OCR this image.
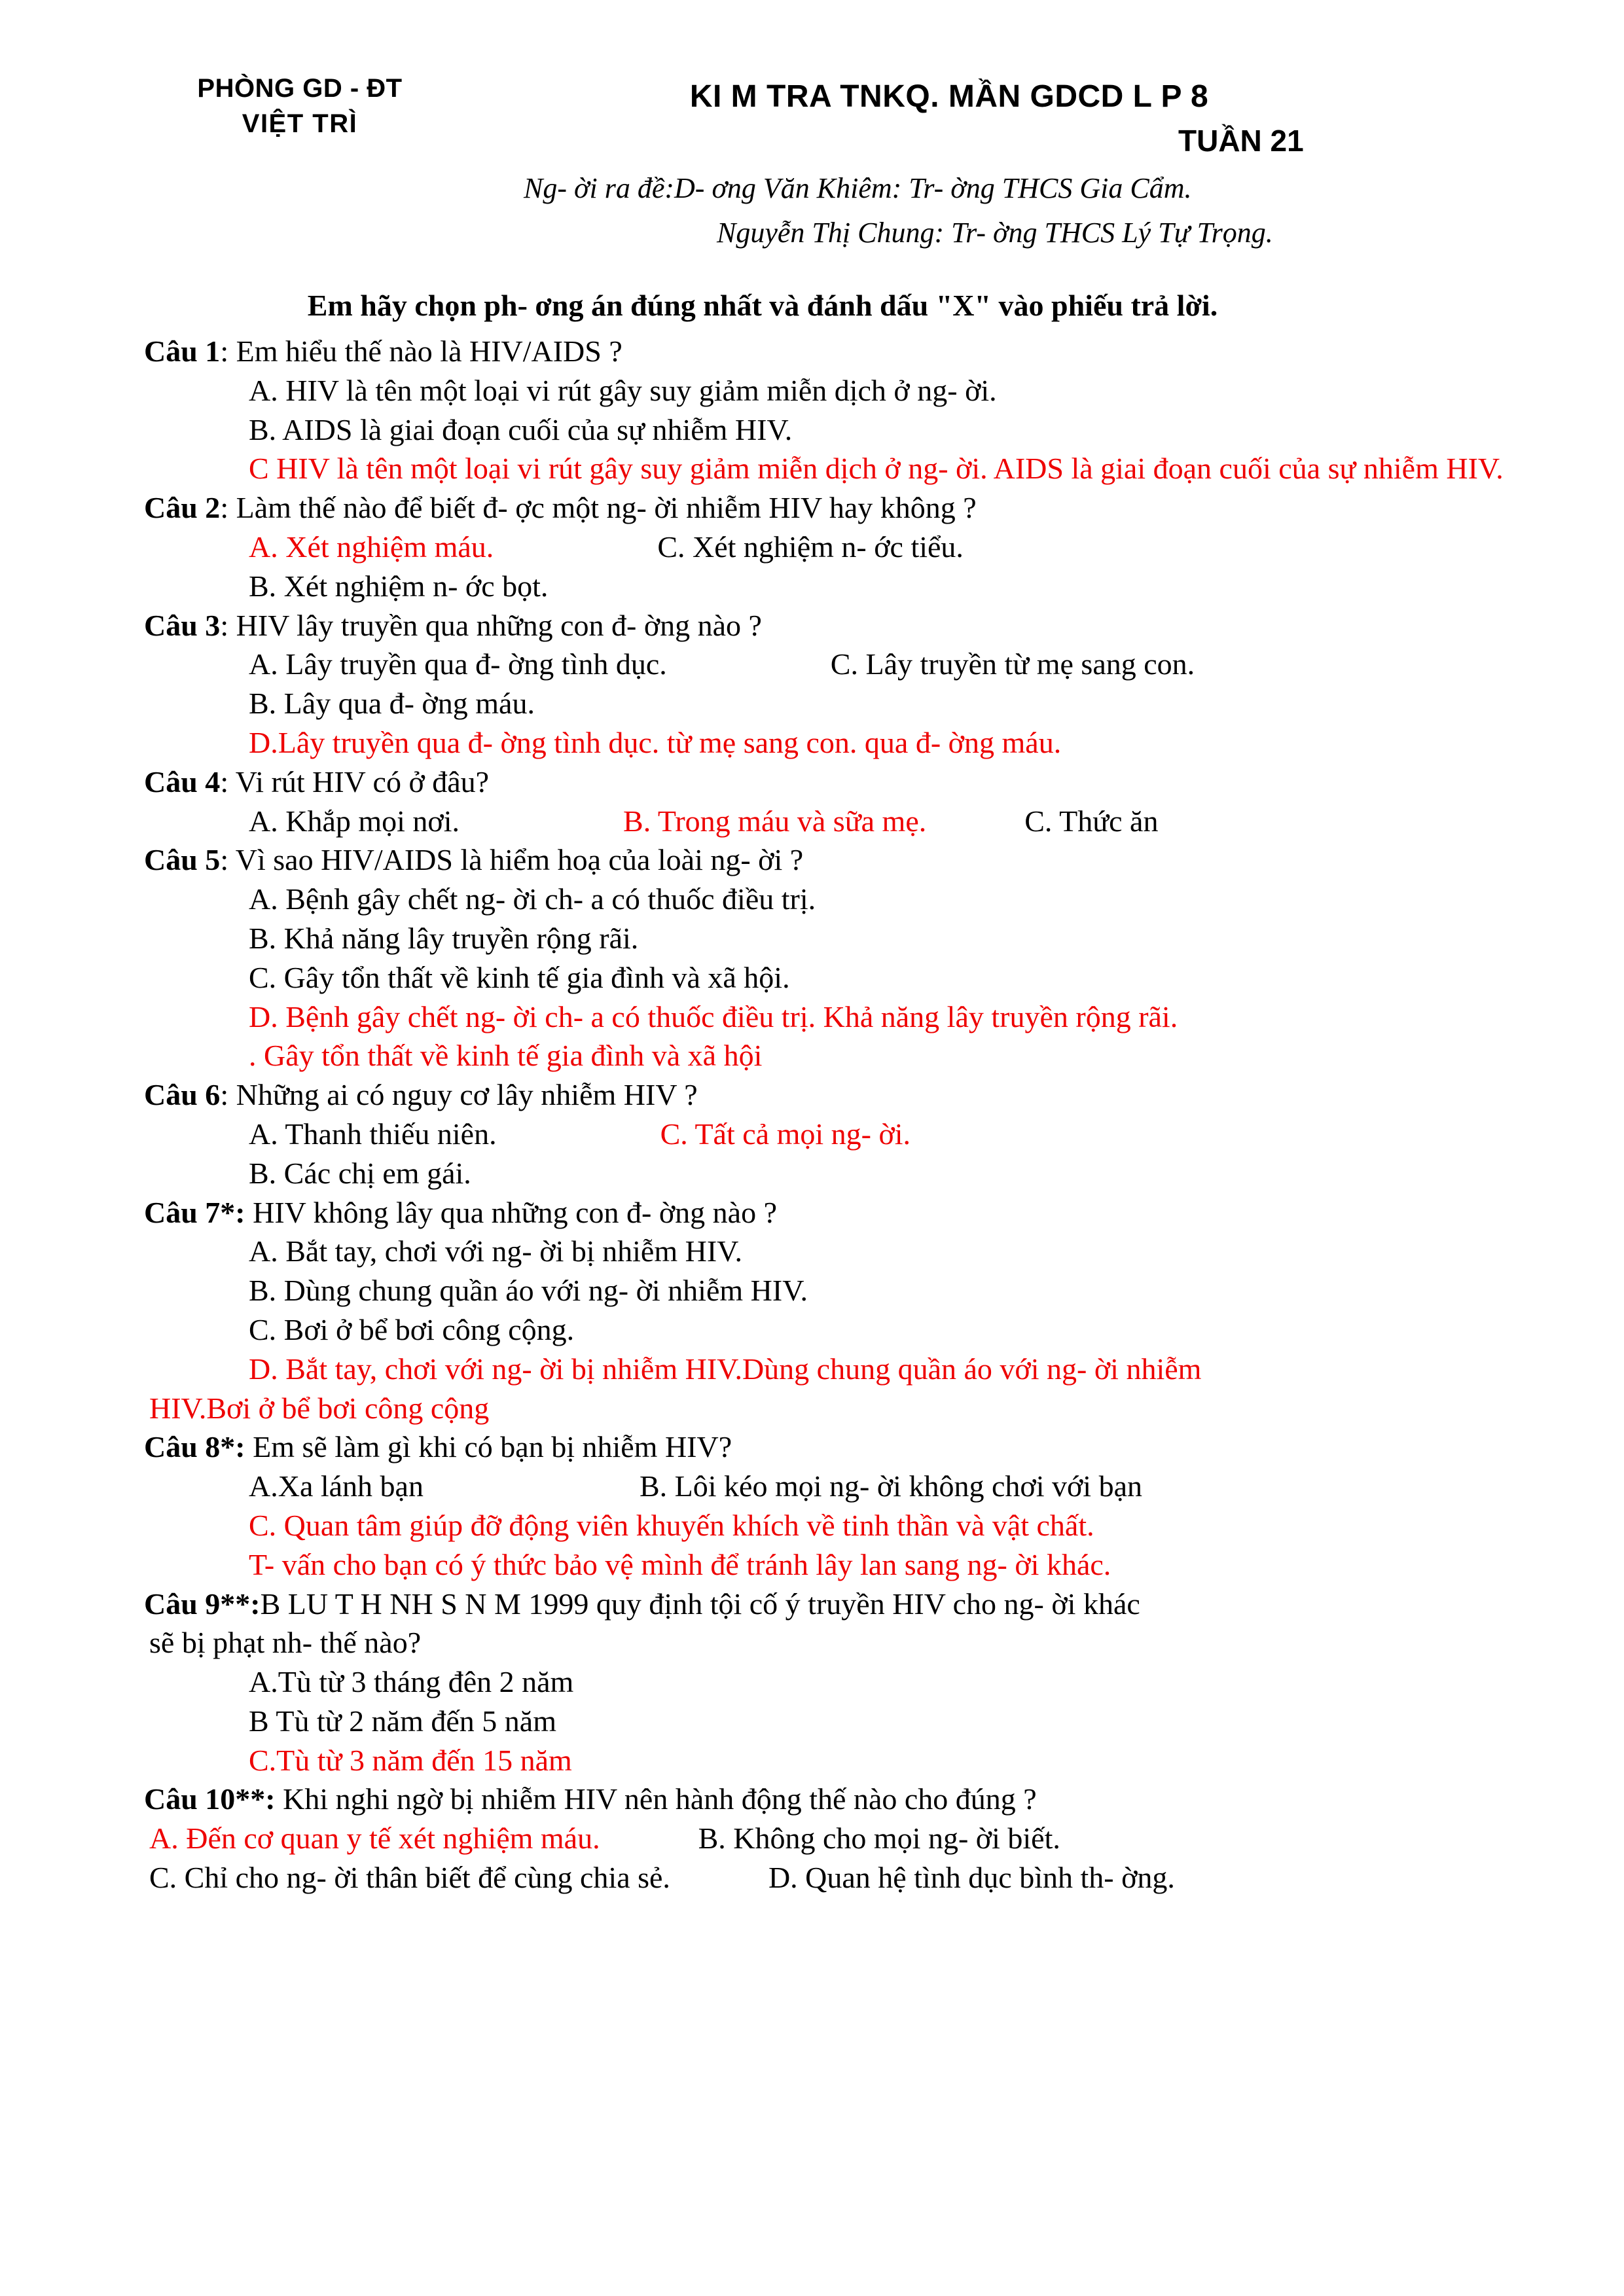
PHÒNG GD - ĐT
VIỆT TRÌ
KI M TRA TNKQ. MẦN GDCD L P 8
TUẦN 21
Ng- ời ra đề:D- ơng Văn Khiêm: Tr- ờng THCS Gia Cẩm.
Nguyễn Thị Chung: Tr- ờng THCS Lý Tự Trọng.
Em hãy chọn ph- ơng án đúng nhất và đánh dấu "X" vào phiếu trả lời.
Câu 1: Em hiểu thế nào là HIV/AIDS ?
A. HIV là tên một loại vi rút gây suy giảm miễn dịch ở ng- ời.
B. AIDS là giai đoạn cuối của sự nhiễm HIV.
C HIV là tên một loại vi rút gây suy giảm miễn dịch ở ng- ời. AIDS là giai đoạn cuối của sự nhiễm HIV.
Câu 2: Làm thế nào để biết đ- ợc một ng- ời nhiễm HIV hay không ?
A. Xét nghiệm máu.	C. Xét nghiệm n- ớc tiểu.
B. Xét nghiệm n- ớc bọt.
Câu 3: HIV lây truyền qua những con đ- ờng nào ?
A. Lây truyền qua đ- ờng tình dục.	C. Lây truyền từ mẹ sang con.
B. Lây qua đ- ờng máu.
D.Lây truyền qua đ- ờng tình dục. từ mẹ sang con. qua đ- ờng máu.
Câu 4: Vi rút HIV có ở đâu?
A. Khắp mọi nơi.	B. Trong máu và sữa mẹ.	C. Thức ăn
Câu 5: Vì sao HIV/AIDS là hiểm hoạ của loài ng- ời ?
A. Bệnh gây chết ng- ời ch- a có thuốc điều trị.
B. Khả năng lây truyền rộng rãi.
C. Gây tổn thất về kinh tế gia đình và xã hội.
D. Bệnh gây chết ng- ời ch- a có thuốc điều trị. Khả năng lây truyền rộng rãi.
. Gây tổn thất về kinh tế gia đình và xã hội
Câu 6: Những ai có nguy cơ lây nhiễm HIV ?
A. Thanh thiếu niên.	C. Tất cả mọi ng- ời.
B. Các chị em gái.
Câu 7*: HIV không lây qua những con đ- ờng nào ?
A. Bắt tay, chơi với ng- ời bị nhiễm HIV.
B. Dùng chung quần áo với ng- ời nhiễm HIV.
C. Bơi ở bể bơi công cộng.
D. Bắt tay, chơi với ng- ời bị nhiễm HIV.Dùng chung quần áo với ng- ời nhiễm
HIV.Bơi ở bể bơi công cộng
Câu 8*: Em sẽ làm gì khi có bạn bị nhiễm HIV?
A.Xa lánh bạn	B. Lôi kéo mọi ng- ời không chơi với bạn
C. Quan tâm giúp đỡ động viên khuyến khích về tinh thần và vật chất.
T- vấn cho bạn có ý thức bảo vệ mình để tránh lây lan sang ng- ời khác.
Câu 9**:B LU T H NH S N M 1999 quy định tội cố ý truyền HIV cho ng- ời khác
sẽ bị phạt nh- thế nào?
A.Tù từ 3 tháng đên 2 năm
B Tù từ 2 năm đến 5 năm
C.Tù từ 3 năm đến 15 năm
Câu 10**: Khi nghi ngờ bị nhiễm HIV nên hành động thế nào cho đúng ?
A. Đến cơ quan y tế xét nghiệm máu.	B. Không cho mọi ng- ời biết.
C. Chỉ cho ng- ời thân biết để cùng chia sẻ.	D. Quan hệ tình dục bình th- ờng.
